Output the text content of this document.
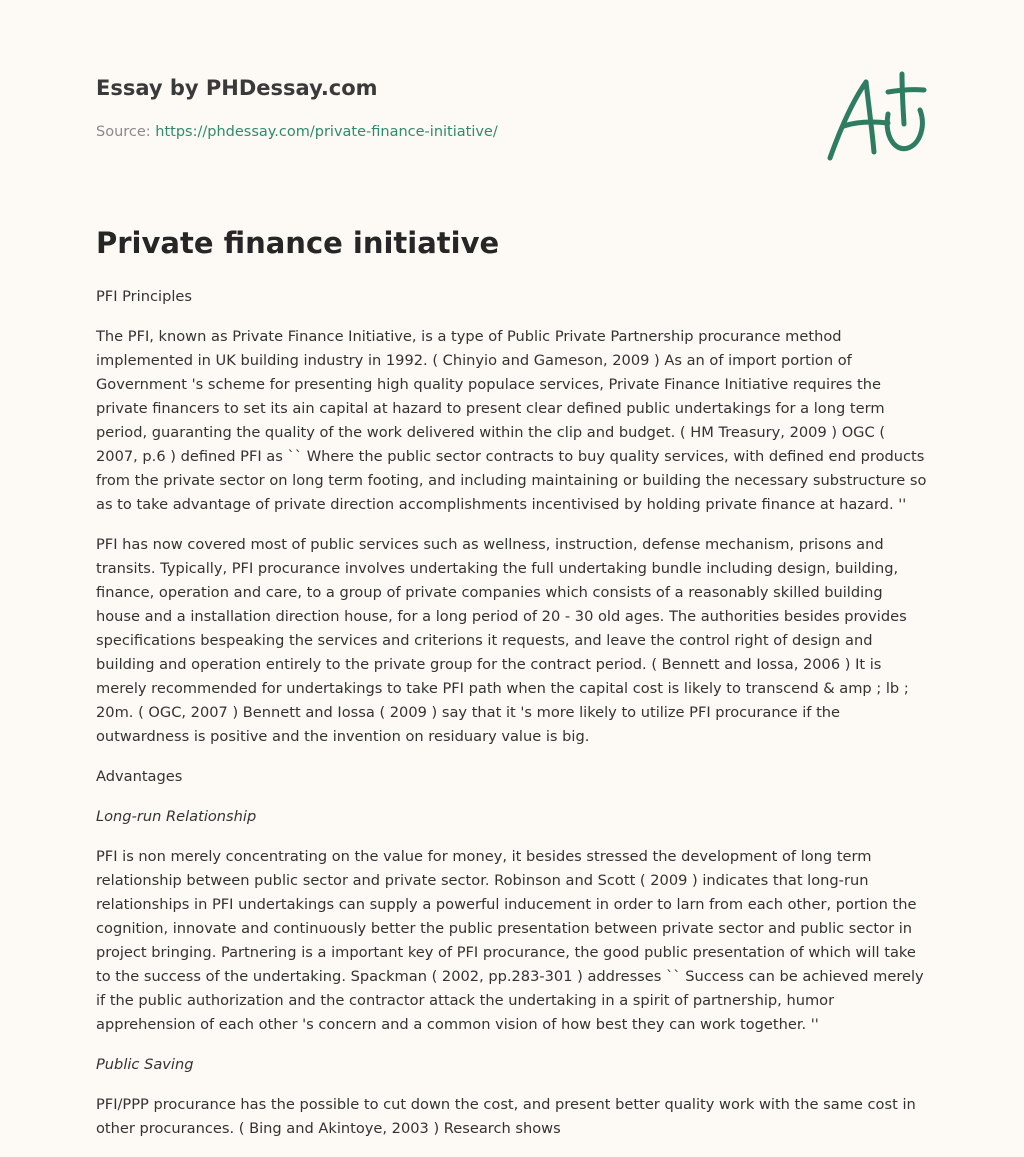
Essay by PHDessay.com
Source: https://phdessay.com/private-finance-initiative/
Private finance initiative

PFI Principles

The PFI, known as Private Finance Initiative, is a type of Public Private Partnership procurance method implemented in UK building industry in 1992. ( Chinyio and Gameson, 2009 ) As an of import portion of Government 's scheme for presenting high quality populace services, Private Finance Initiative requires the private financers to set its ain capital at hazard to present clear defined public undertakings for a long term period, guaranting the quality of the work delivered within the clip and budget. ( HM Treasury, 2009 ) OGC ( 2007, p.6 ) defined PFI as `` Where the public sector contracts to buy quality services, with defined end products from the private sector on long term footing, and including maintaining or building the necessary substructure so as to take advantage of private direction accomplishments incentivised by holding private finance at hazard. ''

PFI has now covered most of public services such as wellness, instruction, defense mechanism, prisons and transits. Typically, PFI procurance involves undertaking the full undertaking bundle including design, building, finance, operation and care, to a group of private companies which consists of a reasonably skilled building house and a installation direction house, for a long period of 20 - 30 old ages. The authorities besides provides specifications bespeaking the services and criterions it requests, and leave the control right of design and building and operation entirely to the private group for the contract period. ( Bennett and Iossa, 2006 ) It is merely recommended for undertakings to take PFI path when the capital cost is likely to transcend & amp ; lb ; 20m. ( OGC, 2007 ) Bennett and Iossa ( 2009 ) say that it 's more likely to utilize PFI procurance if the outwardness is positive and the invention on residuary value is big.

Advantages

Long-run Relationship

PFI is non merely concentrating on the value for money, it besides stressed the development of long term relationship between public sector and private sector. Robinson and Scott ( 2009 ) indicates that long-run relationships in PFI undertakings can supply a powerful inducement in order to larn from each other, portion the cognition, innovate and continuously better the public presentation between private sector and public sector in project bringing. Partnering is a important key of PFI procurance, the good public presentation of which will take to the success of the undertaking. Spackman ( 2002, pp.283-301 ) addresses `` Success can be achieved merely if the public authorization and the contractor attack the undertaking in a spirit of partnership, humor apprehension of each other 's concern and a common vision of how best they can work together. ''

Public Saving

PFI/PPP procurance has the possible to cut down the cost, and present better quality work with the same cost in other procurances. ( Bing and Akintoye, 2003 ) Research shows
